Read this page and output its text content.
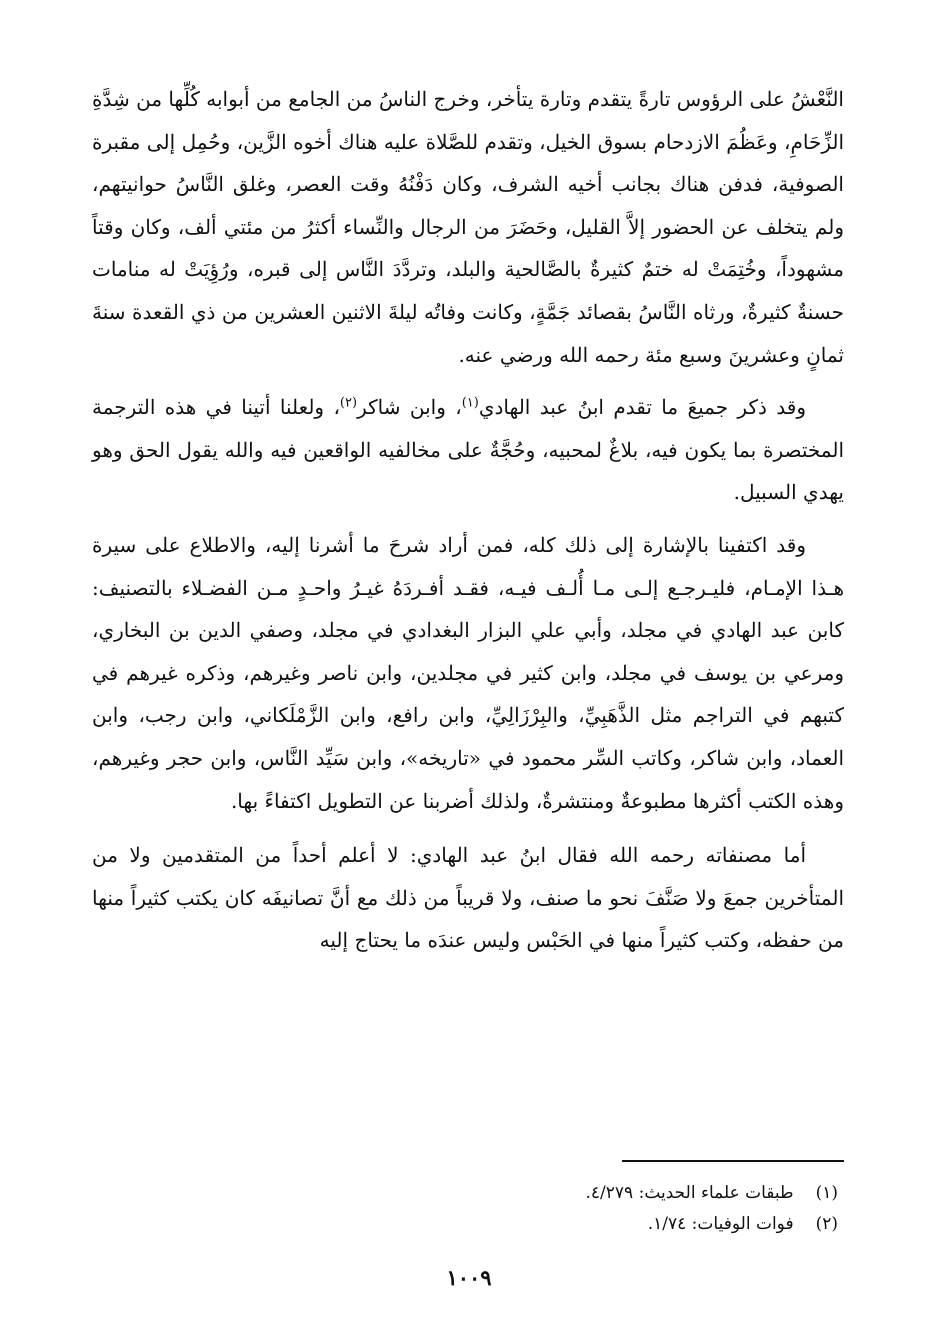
النَّعْشُ على الرؤوس تارةً يتقدم وتارة يتأخر، وخرج الناسُ من الجامع من أبوابه كُلِّها من شِدَّةِ الزِّحَامِ، وعَظُمَ الازدحام بسوق الخيل، وتقدم للصَّلاة عليه هناك أخوه الزَّين، وحُمِل إلى مقبرة الصوفية، فدفن هناك بجانب أخيه الشرف، وكان دَفْنُهُ وقت العصر، وغلق النَّاسُ حوانيتهم، ولم يتخلف عن الحضور إلاَّ القليل، وحَضَرَ من الرجال والنِّساء أكثرُ من مئتي ألف، وكان وقتاً مشهوداً، وخُتِمَتْ له ختمٌ كثيرةٌ بالصَّالحية والبلد، وتردَّدَ النَّاس إلى قبره، ورُؤِيَتْ له منامات حسنةٌ كثيرةٌ، ورثاه النَّاسُ بقصائد جَمَّةٍ، وكانت وفاتُه ليلةَ الاثنين العشرين من ذي القعدة سنةَ ثمانٍ وعشرينَ وسبع مئة رحمه الله ورضي عنه.

وقد ذكر جميعَ ما تقدم ابنُ عبد الهادي$^{(١)}$، وابن شاكر$^{(٢)}$، ولعلنا أتينا في هذه الترجمة المختصرة بما يكون فيه، بلاغٌ لمحبيه، وحُجَّةٌ على مخالفيه الواقعين فيه والله يقول الحق وهو يهدي السبيل.

وقد اكتفينا بالإشارة إلى ذلك كله، فمن أراد شرحَ ما أشرنا إليه، والاطلاع على سيرة هـذا الإمـام، فليـرجـع إلـى مـا أُلـف فيـه، فقـد أفـردَهُ غيـرُ واحـدٍ مـن الفضـلاء بالتصنيف: كابن عبد الهادي في مجلد، وأبي علي البزار البغدادي في مجلد، وصفي الدين بن البخاري، ومرعي بن يوسف في مجلد، وابن كثير في مجلدين، وابن ناصر وغيرهم، وذكره غيرهم في كتبهم في التراجم مثل الذَّهَبِيِّ، والبِرْزَالِيِّ، وابن رافع، وابن الزَّمْلَكاني، وابن رجب، وابن العماد، وابن شاكر، وكاتب السِّر محمود في «تاريخه»، وابن سَيِّد النَّاس، وابن حجر وغيرهم، وهذه الكتب أكثرها مطبوعةٌ ومنتشرةٌ، ولذلك أضربنا عن التطويل اكتفاءً بها.

أما مصنفاته رحمه الله فقال ابنُ عبد الهادي: لا أعلم أحداً من المتقدمين ولا من المتأخرين جمعَ ولا صَنَّفَ نحو ما صنف، ولا قريباً من ذلك مع أنَّ تصانيفَه كان يكتب كثيراً منها من حفظه، وكتب كثيراً منها في الحَبْس وليس عندَه ما يحتاج إليه

(١)
طبقات علماء الحديث: ٤/٢٧٩.
(٢)
فوات الوفيات: ١/٧٤.
١٠٠٩
